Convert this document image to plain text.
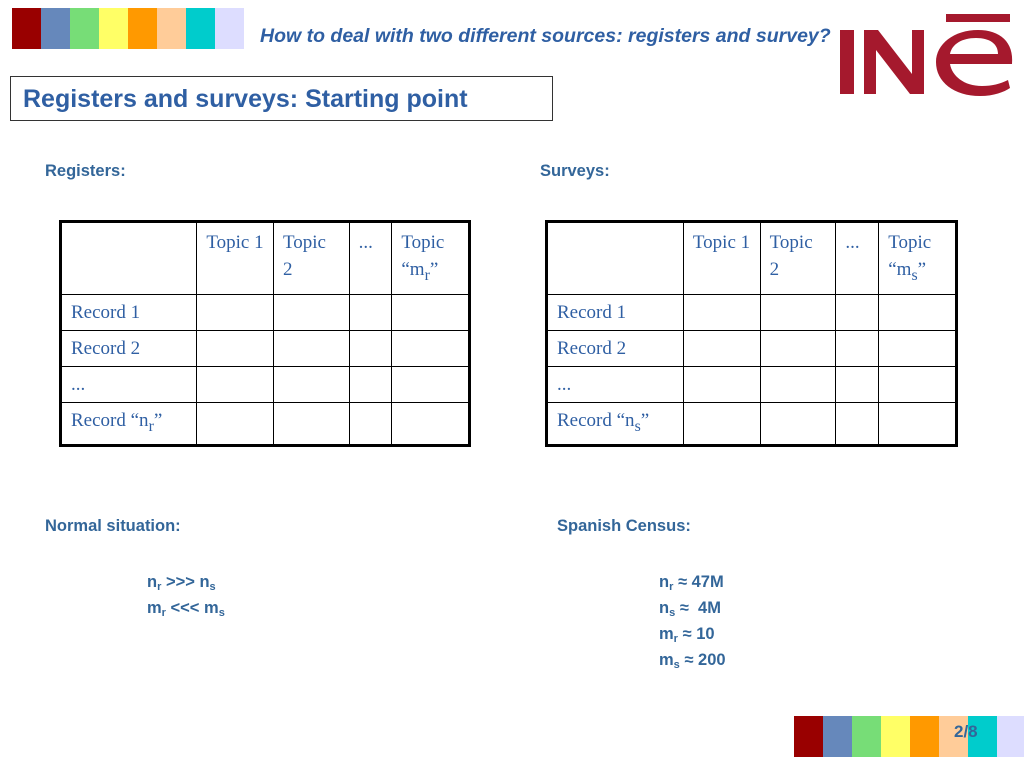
How to deal with two different sources: registers and survey?
Registers and surveys: Starting point
Registers:	Surveys:
	Topic 1	Topic 2	...	Topic “$m_r$”
Record 1				
Record 2				
...				
Record “$n_r$”				
	Topic 1	Topic 2	...	Topic “$m_s$”
Record 1				
Record 2				
...				
Record “$n_s$”				
Normal situation:	Spanish Census:
$n_r$ >>> $n_s$
$m_r$ <<< $m_s$
$n_r \approx 47M$
$n_s \approx 4M$
$m_r \approx 10$
$m_s \approx 200$
2/8
